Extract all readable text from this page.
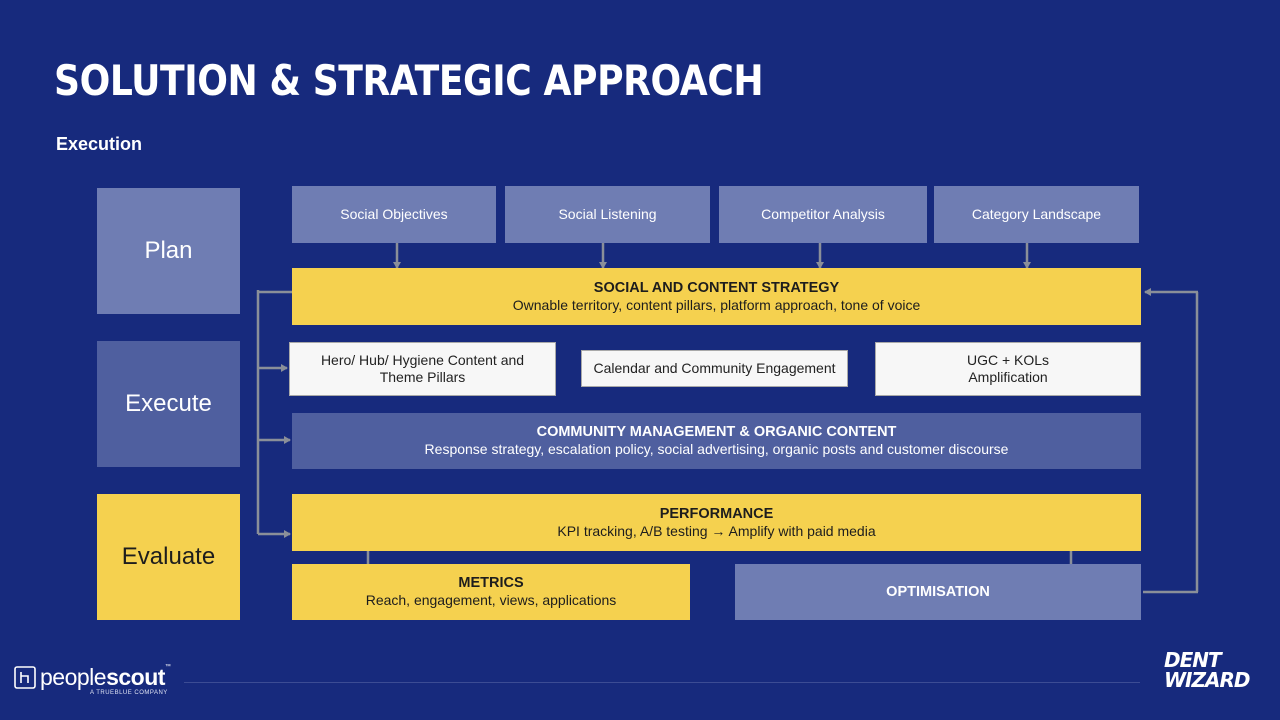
SOLUTION & STRATEGIC APPROACH
Execution
Plan
Execute
Evaluate
Social Objectives	Social Listening	Competitor Analysis	Category Landscape
SOCIAL AND CONTENT STRATEGY
Ownable territory, content pillars, platform approach, tone of voice
Hero/ Hub/ Hygiene Content and
Theme Pillars
Calendar and Community Engagement	UGC + KOLs
Amplification
COMMUNITY MANAGEMENT & ORGANIC CONTENT
Response strategy, escalation policy, social advertising, organic posts and customer discourse
PERFORMANCE
KPI tracking, A/B testing → Amplify with paid media
METRICS
Reach, engagement, views, applications
OPTIMISATION
peoplescout™
A TRUEBLUE COMPANY
DENT
WIZARD
